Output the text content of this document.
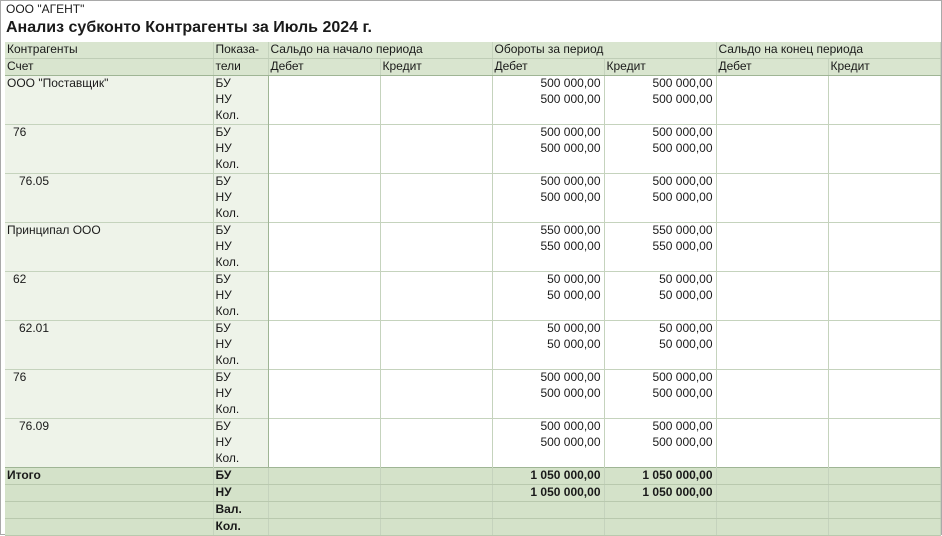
ООО "АГЕНТ"
Анализ субконто Контрагенты за Июль 2024 г.
Контрагенты	Показа-	Сальдо на начало периода		Обороты за период		Сальдо на конец периода	
Счет	тели	Дебет	Кредит	Дебет	Кредит	Дебет	Кредит
ООО "Поставщик"	БУ			500 000,00	500 000,00		
	НУ			500 000,00	500 000,00		
	Кол.						
76	БУ			500 000,00	500 000,00		
	НУ			500 000,00	500 000,00		
	Кол.						
76.05	БУ			500 000,00	500 000,00		
	НУ			500 000,00	500 000,00		
	Кол.						
Принципал ООО	БУ			550 000,00	550 000,00		
	НУ			550 000,00	550 000,00		
	Кол.						
62	БУ			50 000,00	50 000,00		
	НУ			50 000,00	50 000,00		
	Кол.						
62.01	БУ			50 000,00	50 000,00		
	НУ			50 000,00	50 000,00		
	Кол.						
76	БУ			500 000,00	500 000,00		
	НУ			500 000,00	500 000,00		
	Кол.						
76.09	БУ			500 000,00	500 000,00		
	НУ			500 000,00	500 000,00		
	Кол.						
Итого	БУ			1 050 000,00	1 050 000,00		
	НУ			1 050 000,00	1 050 000,00		
	Вал.						
	Кол.						
